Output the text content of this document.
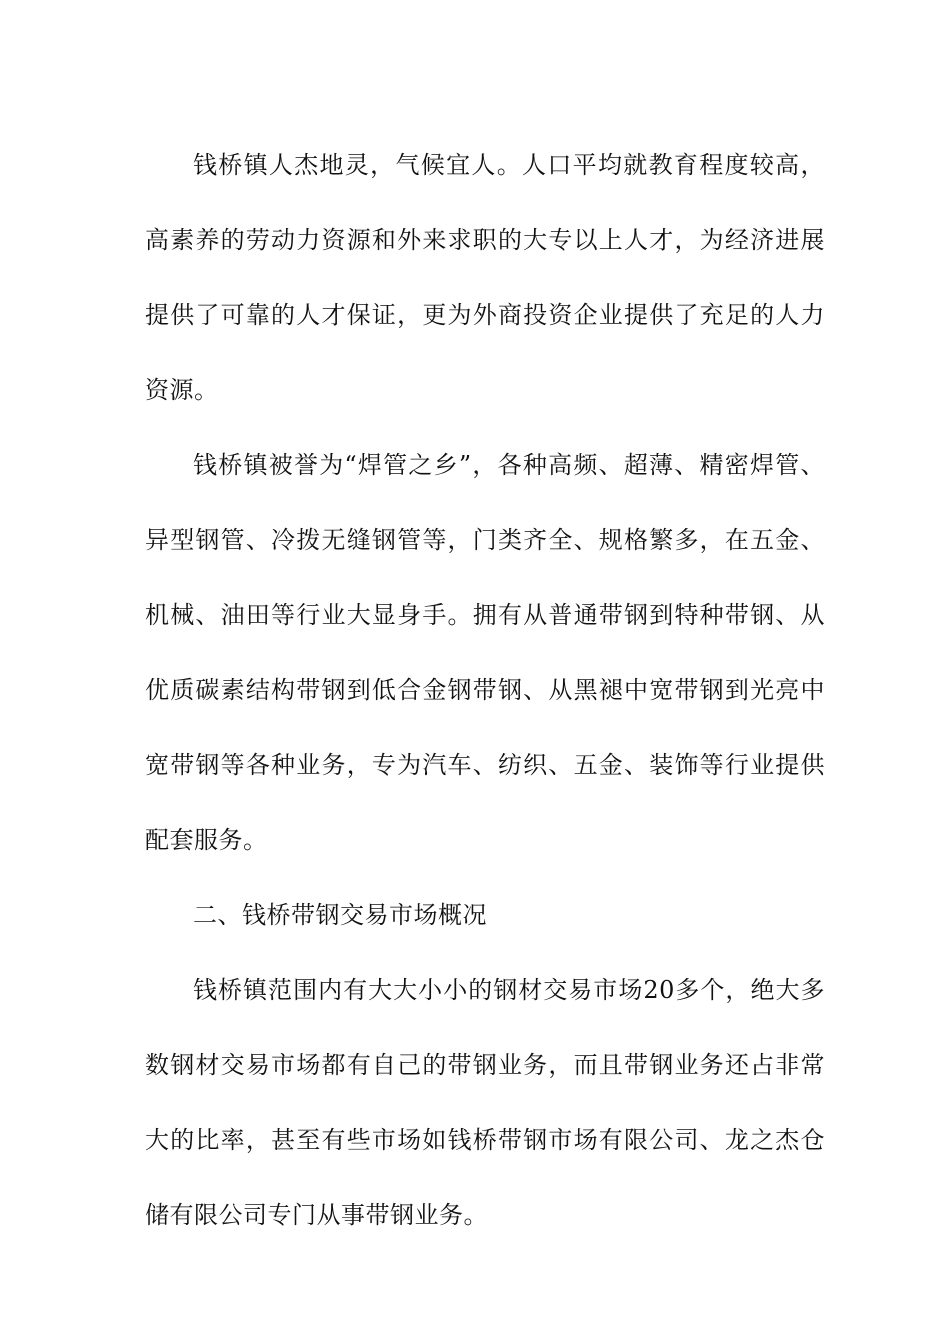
钱桥镇人杰地灵，气候宜人。人口平均就教育程度较高，高素养的劳动力资源和外来求职的大专以上人才，为经济进展提供了可靠的人才保证，更为外商投资企业提供了充足的人力资源。

钱桥镇被誉为“焊管之乡”，各种高频、超薄、精密焊管、异型钢管、冷拨无缝钢管等，门类齐全、规格繁多，在五金、机械、油田等行业大显身手。拥有从普通带钢到特种带钢、从优质碳素结构带钢到低合金钢带钢、从黑褪中宽带钢到光亮中宽带钢等各种业务，专为汽车、纺织、五金、装饰等行业提供配套服务。

二、钱桥带钢交易市场概况

钱桥镇范围内有大大小小的钢材交易市场20多个，绝大多数钢材交易市场都有自己的带钢业务，而且带钢业务还占非常大的比率，甚至有些市场如钱桥带钢市场有限公司、龙之杰仓储有限公司专门从事带钢业务。
